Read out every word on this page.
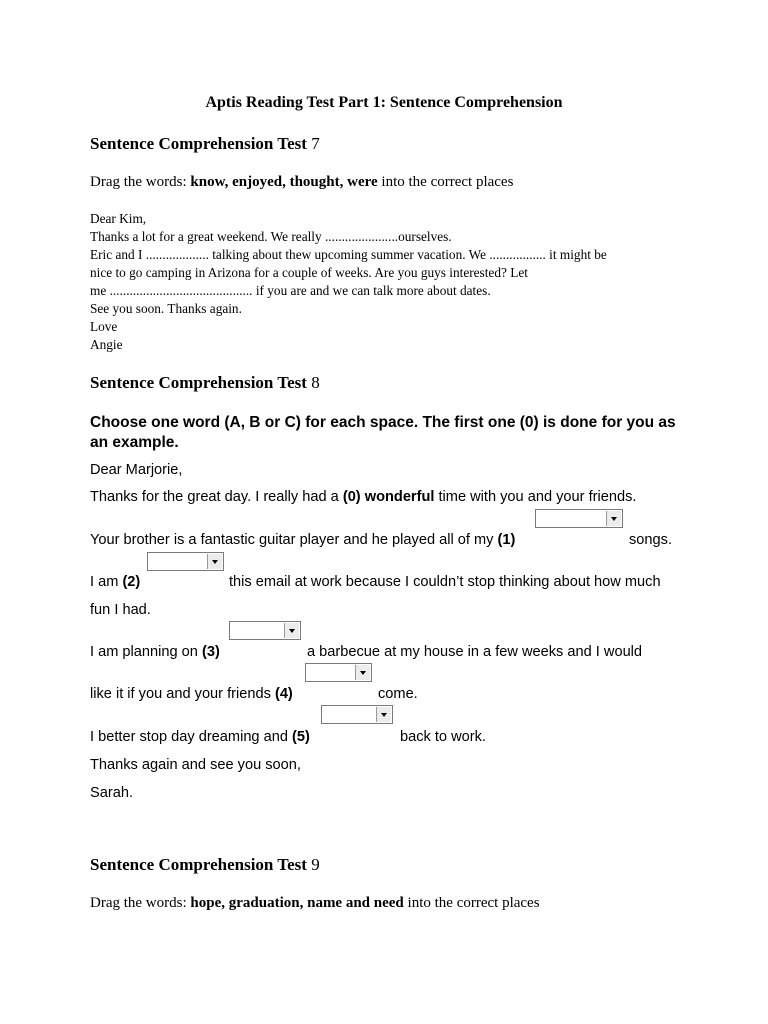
Aptis Reading Test Part 1: Sentence Comprehension
Sentence Comprehension Test 7
Drag the words: know, enjoyed, thought, were into the correct places
Dear Kim,
Thanks a lot for a great weekend. We really ......................ourselves.
Eric and I ................... talking about thew upcoming summer vacation. We ................. it might be
nice to go camping in Arizona for a couple of weeks. Are you guys interested? Let
me ........................................... if you are and we can talk more about dates.
See you soon. Thanks again.
Love
Angie
Sentence Comprehension Test 8
Choose one word (A, B or C) for each space. The first one (0) is done for you as an example.
Dear Marjorie,
Thanks for the great day. I really had a (0) wonderful time with you and your friends.
Your brother is a fantastic guitar player and he played all of my (1)	songs.
I am (2)	this email at work because I couldn’t stop thinking about how much
fun I had.
I am planning on (3)	a barbecue at my house in a few weeks and I would
like it if you and your friends (4)	come.
I better stop day dreaming and (5)	back to work.
Thanks again and see you soon,
Sarah.
Sentence Comprehension Test 9
Drag the words: hope, graduation, name and need into the correct places
